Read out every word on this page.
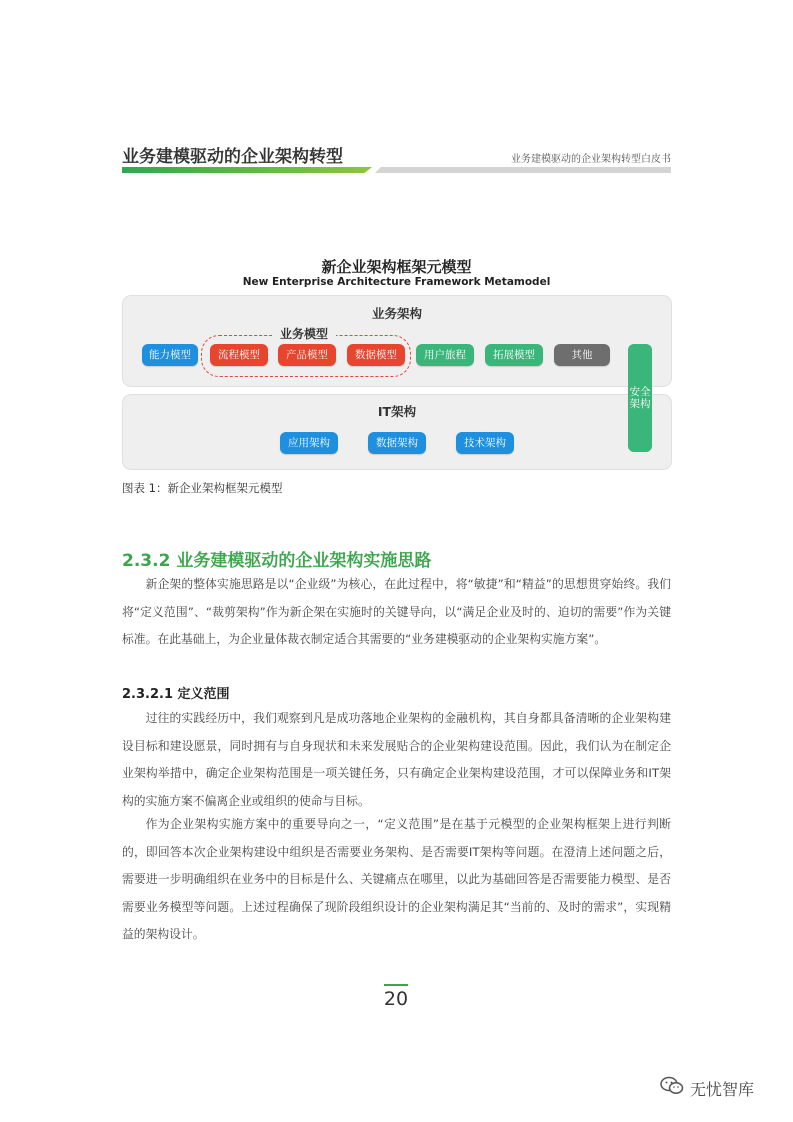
业务建模驱动的企业架构转型	业务建模驱动的企业架构转型白皮书
新企业架构框架元模型
New Enterprise Architecture Framework Metamodel
业务架构
业务模型
能力模型	流程模型	产品模型	数据模型	用户旅程	拓展模型	其他
IT架构
应用架构	数据架构	技术架构
安全架构
图表 1：新企业架构框架元模型
2.3.2 业务建模驱动的企业架构实施思路

新企架的整体实施思路是以“企业级”为核心，在此过程中，将“敏捷”和“精益”的思想贯穿始终。我们将“定义范围”、“裁剪架构”作为新企架在实施时的关键导向，以“满足企业及时的、迫切的需要”作为关键标准。在此基础上，为企业量体裁衣制定适合其需要的“业务建模驱动的企业架构实施方案”。

2.3.2.1 定义范围

过往的实践经历中，我们观察到凡是成功落地企业架构的金融机构，其自身都具备清晰的企业架构建设目标和建设愿景，同时拥有与自身现状和未来发展贴合的企业架构建设范围。因此，我们认为在制定企业架构举措中，确定企业架构范围是一项关键任务，只有确定企业架构建设范围，才可以保障业务和IT架构的实施方案不偏离企业或组织的使命与目标。

作为企业架构实施方案中的重要导向之一，“定义范围”是在基于元模型的企业架构框架上进行判断的，即回答本次企业架构建设中组织是否需要业务架构、是否需要IT架构等问题。在澄清上述问题之后，需要进一步明确组织在业务中的目标是什么、关键痛点在哪里，以此为基础回答是否需要能力模型、是否需要业务模型等问题。上述过程确保了现阶段组织设计的企业架构满足其“当前的、及时的需求”，实现精益的架构设计。

20
无忧智库
